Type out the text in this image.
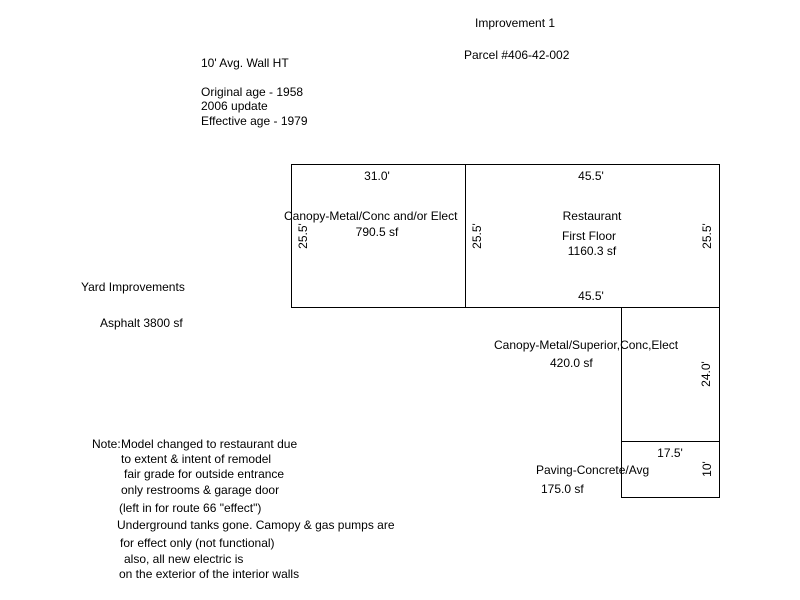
Improvement 1
Parcel #406-42-002
10' Avg. Wall HT
Original age - 1958
2006 update
Effective age - 1979
Yard Improvements
Asphalt 3800 sf
31.0'
25.5'
Canopy-Metal/Conc and/or Elect
790.5 sf
45.5'
25.5'	25.5'
45.5'
Restaurant
First Floor
1160.3 sf
Canopy-Metal/Superior,Conc,Elect
420.0 sf	24.0'
17.5'
10'
Paving-Concrete/Avg
175.0 sf
Note: Model changed to restaurant due
to extent & intent of remodel
fair grade for outside entrance
only restrooms & garage door
(left in for route 66 "effect")
Underground tanks gone. Camopy & gas pumps are
for effect only (not functional)
also, all new electric is
on the exterior of the interior walls
